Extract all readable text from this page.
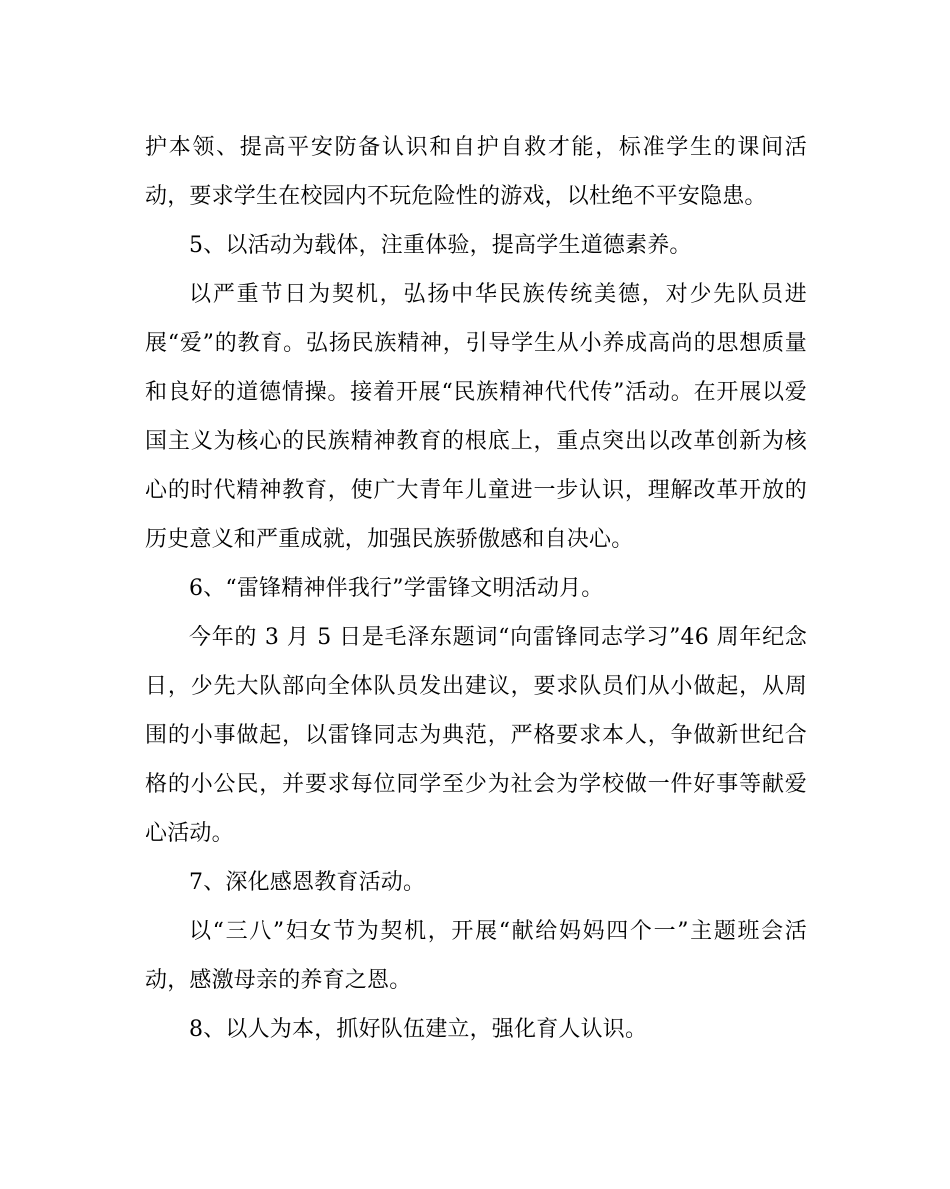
护本领、提高平安防备认识和自护自救才能，标准学生的课间活动，要求学生在校园内不玩危险性的游戏，以杜绝不平安隐患。

5、以活动为载体，注重体验，提高学生道德素养。

以严重节日为契机，弘扬中华民族传统美德，对少先队员进展“爱”的教育。弘扬民族精神，引导学生从小养成高尚的思想质量和良好的道德情操。接着开展“民族精神代代传”活动。在开展以爱国主义为核心的民族精神教育的根底上，重点突出以改革创新为核心的时代精神教育，使广大青年儿童进一步认识，理解改革开放的历史意义和严重成就，加强民族骄傲感和自决心。

6、“雷锋精神伴我行”学雷锋文明活动月。

今年的 3 月 5 日是毛泽东题词“向雷锋同志学习”46 周年纪念日，少先大队部向全体队员发出建议，要求队员们从小做起，从周围的小事做起，以雷锋同志为典范，严格要求本人，争做新世纪合格的小公民，并要求每位同学至少为社会为学校做一件好事等献爱心活动。

7、深化感恩教育活动。

以“三八”妇女节为契机，开展“献给妈妈四个一”主题班会活动，感激母亲的养育之恩。

8、以人为本，抓好队伍建立，强化育人认识。
